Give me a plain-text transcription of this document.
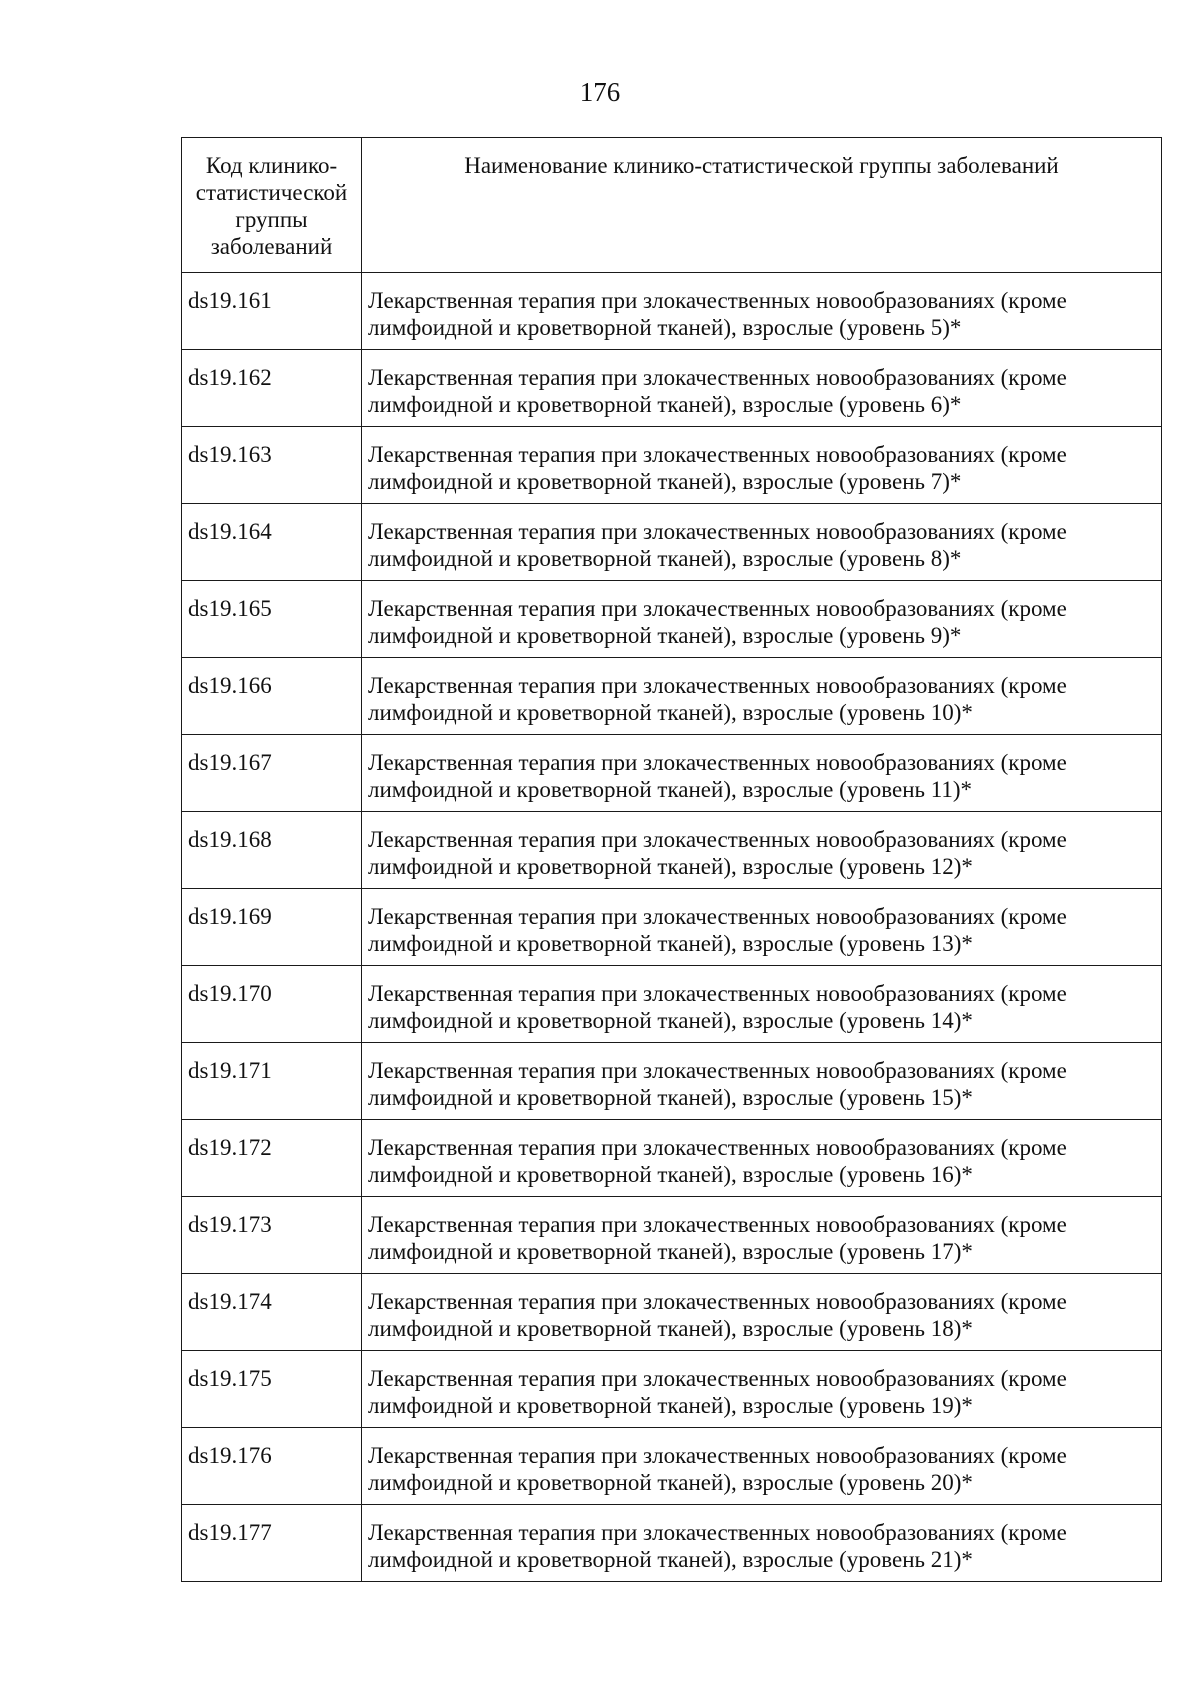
176
Код клинико-статистической группы заболеваний	Наименование клинико-статистической группы заболеваний
ds19.161	Лекарственная терапия при злокачественных новообразованиях (кроме лимфоидной и кроветворной тканей), взрослые (уровень 5)*
ds19.162	Лекарственная терапия при злокачественных новообразованиях (кроме лимфоидной и кроветворной тканей), взрослые (уровень 6)*
ds19.163	Лекарственная терапия при злокачественных новообразованиях (кроме лимфоидной и кроветворной тканей), взрослые (уровень 7)*
ds19.164	Лекарственная терапия при злокачественных новообразованиях (кроме лимфоидной и кроветворной тканей), взрослые (уровень 8)*
ds19.165	Лекарственная терапия при злокачественных новообразованиях (кроме лимфоидной и кроветворной тканей), взрослые (уровень 9)*
ds19.166	Лекарственная терапия при злокачественных новообразованиях (кроме лимфоидной и кроветворной тканей), взрослые (уровень 10)*
ds19.167	Лекарственная терапия при злокачественных новообразованиях (кроме лимфоидной и кроветворной тканей), взрослые (уровень 11)*
ds19.168	Лекарственная терапия при злокачественных новообразованиях (кроме лимфоидной и кроветворной тканей), взрослые (уровень 12)*
ds19.169	Лекарственная терапия при злокачественных новообразованиях (кроме лимфоидной и кроветворной тканей), взрослые (уровень 13)*
ds19.170	Лекарственная терапия при злокачественных новообразованиях (кроме лимфоидной и кроветворной тканей), взрослые (уровень 14)*
ds19.171	Лекарственная терапия при злокачественных новообразованиях (кроме лимфоидной и кроветворной тканей), взрослые (уровень 15)*
ds19.172	Лекарственная терапия при злокачественных новообразованиях (кроме лимфоидной и кроветворной тканей), взрослые (уровень 16)*
ds19.173	Лекарственная терапия при злокачественных новообразованиях (кроме лимфоидной и кроветворной тканей), взрослые (уровень 17)*
ds19.174	Лекарственная терапия при злокачественных новообразованиях (кроме лимфоидной и кроветворной тканей), взрослые (уровень 18)*
ds19.175	Лекарственная терапия при злокачественных новообразованиях (кроме лимфоидной и кроветворной тканей), взрослые (уровень 19)*
ds19.176	Лекарственная терапия при злокачественных новообразованиях (кроме лимфоидной и кроветворной тканей), взрослые (уровень 20)*
ds19.177	Лекарственная терапия при злокачественных новообразованиях (кроме лимфоидной и кроветворной тканей), взрослые (уровень 21)*
